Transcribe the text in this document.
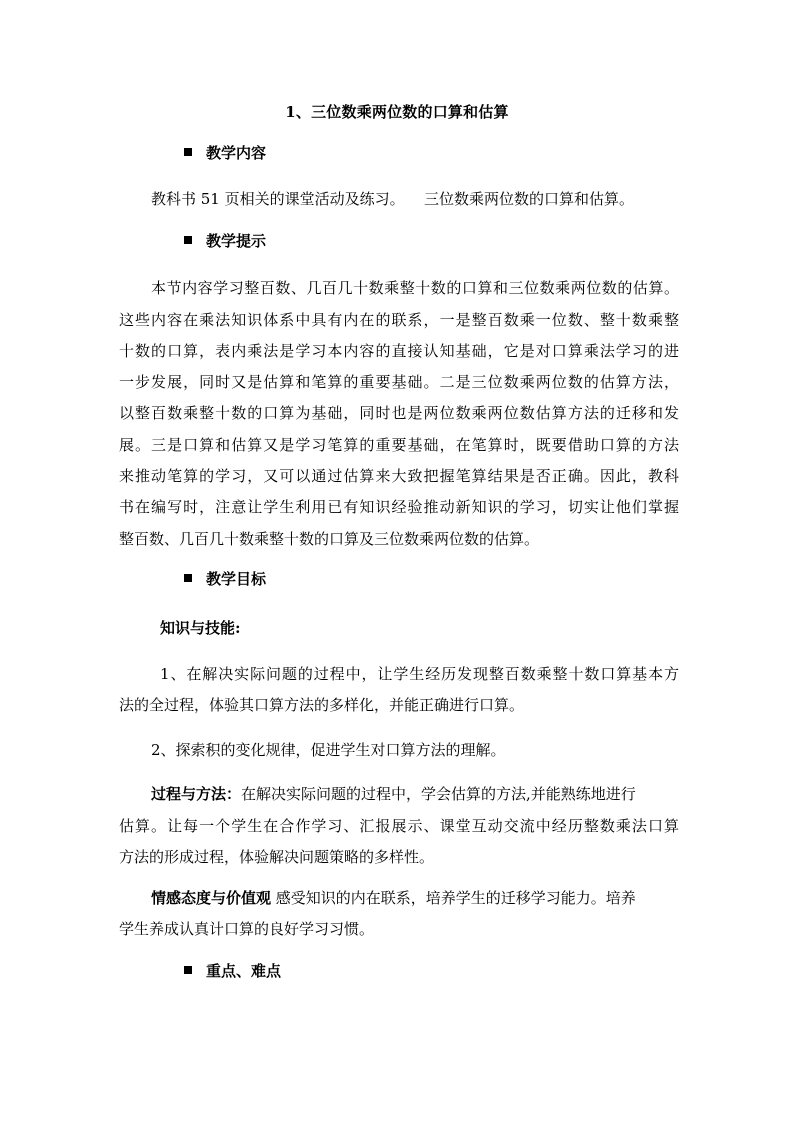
1、三位数乘两位数的口算和估算
教学内容
教科书 51 页相关的课堂活动及练习。 三位数乘两位数的口算和估算。
教学提示
本节内容学习整百数、几百几十数乘整十数的口算和三位数乘两位数的估算。
这些内容在乘法知识体系中具有内在的联系，一是整百数乘一位数、整十数乘整
十数的口算，表内乘法是学习本内容的直接认知基础，它是对口算乘法学习的进
一步发展，同时又是估算和笔算的重要基础。二是三位数乘两位数的估算方法，
以整百数乘整十数的口算为基础，同时也是两位数乘两位数估算方法的迁移和发
展。三是口算和估算又是学习笔算的重要基础，在笔算时，既要借助口算的方法
来推动笔算的学习，又可以通过估算来大致把握笔算结果是否正确。因此，教科
书在编写时，注意让学生利用已有知识经验推动新知识的学习，切实让他们掌握
整百数、几百几十数乘整十数的口算及三位数乘两位数的估算。
教学目标
知识与技能:
1、在解决实际问题的过程中，让学生经历发现整百数乘整十数口算基本方
法的全过程，体验其口算方法的多样化，并能正确进行口算。
2、探索积的变化规律，促进学生对口算方法的理解。
过程与方法：在解决实际问题的过程中，学会估算的方法,并能熟练地进行
估算。让每一个学生在合作学习、汇报展示、课堂互动交流中经历整数乘法口算
方法的形成过程，体验解决问题策略的多样性。
情感态度与价值观 感受知识的内在联系，培养学生的迁移学习能力。培养
学生养成认真计口算的良好学习习惯。
重点、难点
